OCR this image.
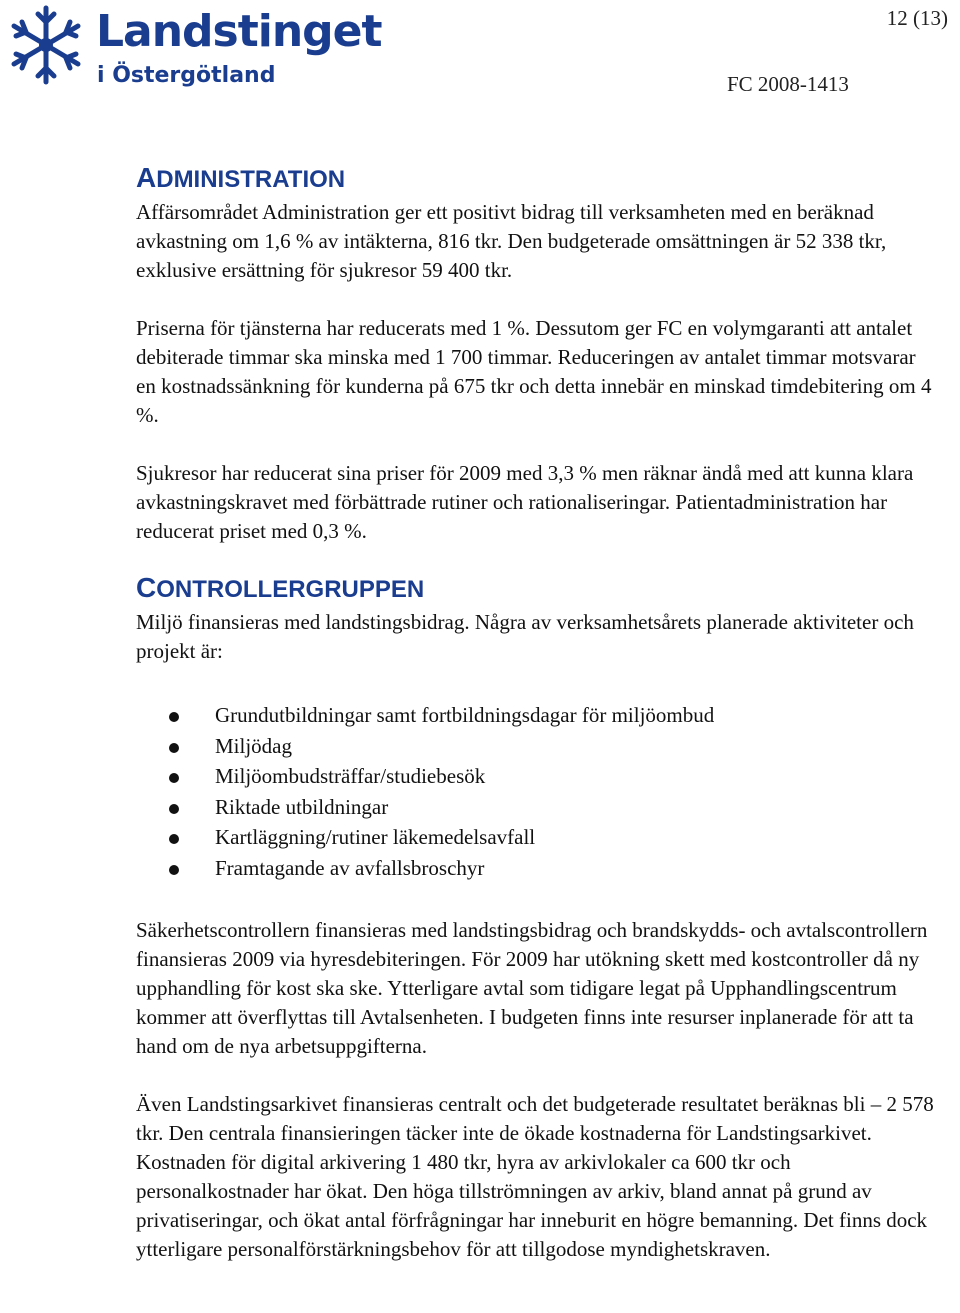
Landstinget
i Östergötland
12 (13)
FC 2008-1413
ADMINISTRATION

Affärsområdet Administration ger ett positivt bidrag till verksamheten med en beräknad avkastning om 1,6 % av intäkterna, 816 tkr. Den budgeterade omsättningen är 52 338 tkr, exklusive ersättning för sjukresor 59 400 tkr.

Priserna för tjänsterna har reducerats med 1 %. Dessutom ger FC en volymgaranti att antalet debiterade timmar ska minska med 1 700 timmar. Reduceringen av antalet timmar motsvarar en kostnadssänkning för kunderna på 675 tkr och detta innebär en minskad timdebitering om 4 %.

Sjukresor har reducerat sina priser för 2009 med 3,3 % men räknar ändå med att kunna klara avkastningskravet med förbättrade rutiner och rationaliseringar. Patientadministration har reducerat priset med 0,3 %.

CONTROLLERGRUPPEN

Miljö finansieras med landstingsbidrag. Några av verksamhetsårets planerade aktiviteter och projekt är:

Grundutbildningar samt fortbildningsdagar för miljöombud
Miljödag
Miljöombudsträffar/studiebesök
Riktade utbildningar
Kartläggning/rutiner läkemedelsavfall
Framtagande av avfallsbroschyr

Säkerhetscontrollern finansieras med landstingsbidrag och brandskydds- och avtalscontrollern finansieras 2009 via hyresdebiteringen. För 2009 har utökning skett med kostcontroller då ny upphandling för kost ska ske. Ytterligare avtal som tidigare legat på Upphandlingscentrum kommer att överflyttas till Avtalsenheten. I budgeten finns inte resurser inplanerade för att ta hand om de nya arbetsuppgifterna.

Även Landstingsarkivet finansieras centralt och det budgeterade resultatet beräknas bli – 2 578 tkr. Den centrala finansieringen täcker inte de ökade kostnaderna för Landstingsarkivet. Kostnaden för digital arkivering 1 480 tkr, hyra av arkivlokaler ca 600 tkr och personalkostnader har ökat. Den höga tillströmningen av arkiv, bland annat på grund av privatiseringar, och ökat antal förfrågningar har inneburit en högre bemanning. Det finns dock ytterligare personalförstärkningsbehov för att tillgodose myndighetskraven.
